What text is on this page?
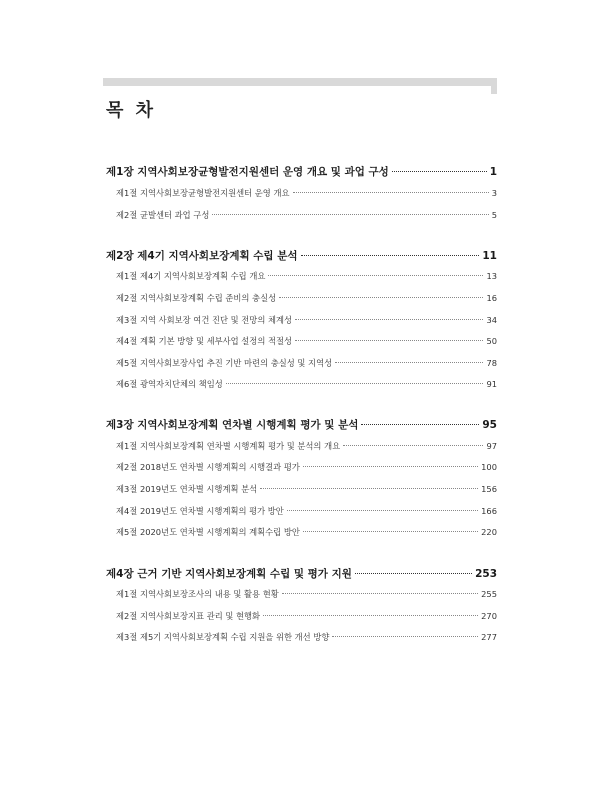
목 차
제1장 지역사회보장균형발전지원센터 운영 개요 및 과업 구성	1
제1절 지역사회보장균형발전지원센터 운영 개요	3
제2절 균발센터 과업 구성	5
제2장 제4기 지역사회보장계획 수립 분석	11
제1절 제4기 지역사회보장계획 수립 개요	13
제2절 지역사회보장계획 수립 준비의 충실성	16
제3절 지역 사회보장 여건 진단 및 전망의 체계성	34
제4절 계획 기본 방향 및 세부사업 설정의 적절성	50
제5절 지역사회보장사업 추진 기반 마련의 충실성 및 지역성	78
제6절 광역자치단체의 책임성	91
제3장 지역사회보장계획 연차별 시행계획 평가 및 분석	95
제1절 지역사회보장계획 연차별 시행계획 평가 및 분석의 개요	97
제2절 2018년도 연차별 시행계획의 시행결과 평가	100
제3절 2019년도 연차별 시행계획 분석	156
제4절 2019년도 연차별 시행계획의 평가 방안	166
제5절 2020년도 연차별 시행계획의 계획수립 방안	220
제4장 근거 기반 지역사회보장계획 수립 및 평가 지원	253
제1절 지역사회보장조사의 내용 및 활용 현황	255
제2절 지역사회보장지표 관리 및 현행화	270
제3절 제5기 지역사회보장계획 수립 지원을 위한 개선 방향	277
